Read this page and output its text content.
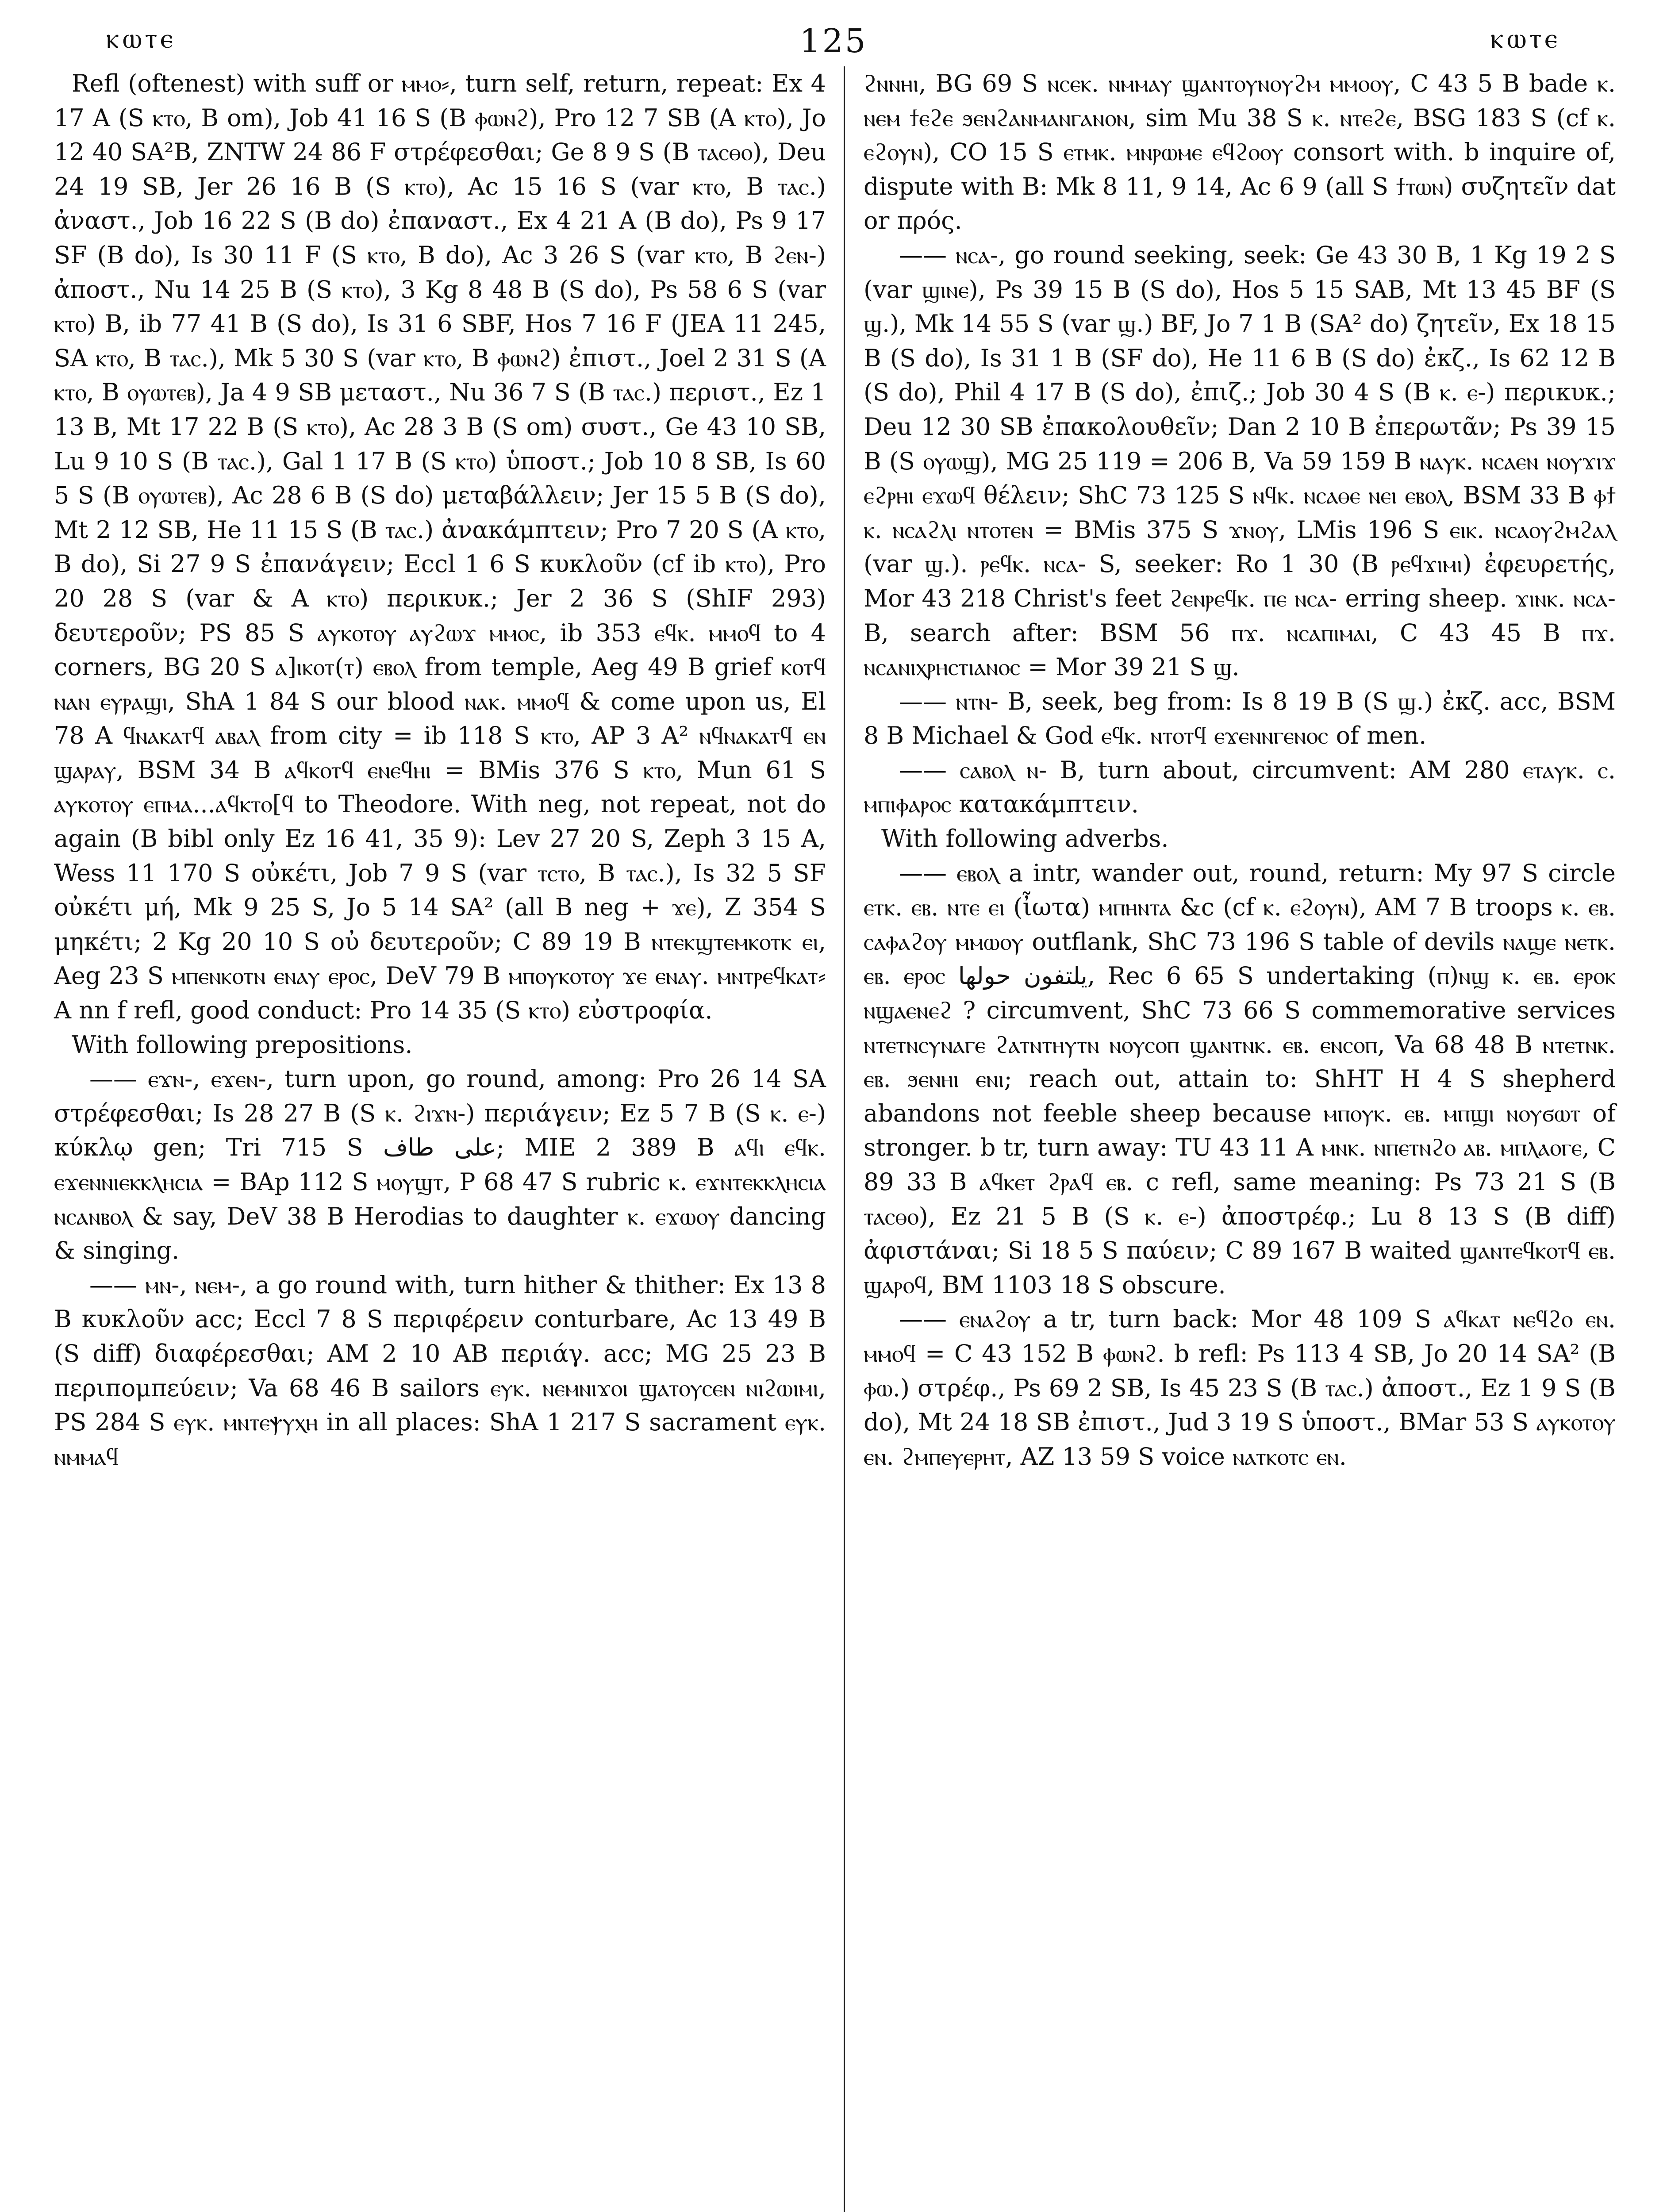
ⲕⲱⲧⲉ	125	ⲕⲱⲧⲉ

Refl (oftenest) with suff or ⲙⲙⲟ⸗, turn self, return, repeat: Ex 4 17 A (S ⲕⲧⲟ, B om), Job 41 16 S (B ⲫⲱⲛϩ), Pro 12 7 SB (A ⲕⲧⲟ), Jo 12 40 SA²B, ZNTW 24 86 F στρέφεσθαι; Ge 8 9 S (B ⲧⲁⲥⲑⲟ), Deu 24 19 SB, Jer 26 16 B (S ⲕⲧⲟ), Ac 15 16 S (var ⲕⲧⲟ, B ⲧⲁⲥ.) ἀναστ., Job 16 22 S (B do) ἐπαναστ., Ex 4 21 A (B do), Ps 9 17 SF (B do), Is 30 11 F (S ⲕⲧⲟ, B do), Ac 3 26 S (var ⲕⲧⲟ, B ϩⲉⲛ-) ἀποστ., Nu 14 25 B (S ⲕⲧⲟ), 3 Kg 8 48 B (S do), Ps 58 6 S (var ⲕⲧⲟ) B, ib 77 41 B (S do), Is 31 6 SBF, Hos 7 16 F (JEA 11 245, SA ⲕⲧⲟ, B ⲧⲁⲥ.), Mk 5 30 S (var ⲕⲧⲟ, B ⲫⲱⲛϩ) ἐπιστ., Joel 2 31 S (A ⲕⲧⲟ, B ⲟⲩⲱⲧⲉⲃ), Ja 4 9 SB μεταστ., Nu 36 7 S (B ⲧⲁⲥ.) περιστ., Ez 1 13 B, Mt 17 22 B (S ⲕⲧⲟ), Ac 28 3 B (S om) συστ., Ge 43 10 SB, Lu 9 10 S (B ⲧⲁⲥ.), Gal 1 17 B (S ⲕⲧⲟ) ὑποστ.; Job 10 8 SB, Is 60 5 S (B ⲟⲩⲱⲧⲉⲃ), Ac 28 6 B (S do) μεταβάλλειν; Jer 15 5 B (S do), Mt 2 12 SB, He 11 15 S (B ⲧⲁⲥ.) ἀνακάμπτειν; Pro 7 20 S (A ⲕⲧⲟ, B do), Si 27 9 S ἐπανάγειν; Eccl 1 6 S κυκλοῦν (cf ib ⲕⲧⲟ), Pro 20 28 S (var & A ⲕⲧⲟ) περικυκ.; Jer 2 36 S (ShIF 293) δευτεροῦν; PS 85 S ⲁⲩⲕⲟⲧⲟⲩ ⲁⲩϩⲱϫ ⲙⲙⲟⲥ, ib 353 ⲉϥⲕ. ⲙⲙⲟϥ to 4 corners, BG 20 S ⲁ]ⲓⲕⲟⲧ(ⲧ) ⲉⲃⲟⲗ from temple, Aeg 49 B grief ⲕⲟⲧϥ ⲛⲁⲛ ⲉⲩⲣⲁϣⲓ, ShA 1 84 S our blood ⲛⲁⲕ. ⲙⲙⲟϥ & come upon us, El 78 A ϥⲛⲁⲕⲁⲧϥ ⲁⲃⲁⲗ from city = ib 118 S ⲕⲧⲟ, AP 3 A² ⲛϥⲛⲁⲕⲁⲧϥ ⲉⲛ ϣⲁⲣⲁⲩ, BSM 34 B ⲁϥⲕⲟⲧϥ ⲉⲛⲉϥⲏⲓ = BMis 376 S ⲕⲧⲟ, Mun 61 S ⲁⲩⲕⲟⲧⲟⲩ ⲉⲡⲙⲁ...ⲁϥⲕⲧⲟ[ϥ to Theodore. With neg, not repeat, not do again (B bibl only Ez 16 41, 35 9): Lev 27 20 S, Zeph 3 15 A, Wess 11 170 S οὐκέτι, Job 7 9 S (var ⲧⲥⲧⲟ, B ⲧⲁⲥ.), Is 32 5 SF οὐκέτι μή, Mk 9 25 S, Jo 5 14 SA² (all B neg + ϫⲉ), Z 354 S μηκέτι; 2 Kg 20 10 S οὐ δευτεροῦν; C 89 19 B ⲛⲧⲉⲕϣⲧⲉⲙⲕⲟⲧⲕ ⲉⲓ, Aeg 23 S ⲙⲡⲉⲛⲕⲟⲧⲛ ⲉⲛⲁⲩ ⲉⲣⲟⲥ, DeV 79 B ⲙⲡⲟⲩⲕⲟⲧⲟⲩ ϫⲉ ⲉⲛⲁⲩ. ⲙⲛⲧⲣⲉϥⲕⲁⲧ⸗ A nn f refl, good conduct: Pro 14 35 (S ⲕⲧⲟ) εὐστροφία.

With following prepositions.

—— ⲉϫⲛ-, ⲉϫⲉⲛ-, turn upon, go round, among: Pro 26 14 SA στρέφεσθαι; Is 28 27 B (S ⲕ. ϩⲓϫⲛ-) περιάγειν; Ez 5 7 B (S ⲕ. ⲉ-) κύκλῳ gen; Tri 715 S على طاف; MIE 2 389 B ⲁϥⲓ ⲉϥⲕ. ⲉϫⲉⲛⲛⲓⲉⲕⲕⲗⲏⲥⲓⲁ = BAp 112 S ⲙⲟⲩϣⲧ, P 68 47 S rubric ⲕ. ⲉϫⲛⲧⲉⲕⲕⲗⲏⲥⲓⲁ ⲛⲥⲁⲛⲃⲟⲗ & say, DeV 38 B Herodias to daughter ⲕ. ⲉϫⲱⲟⲩ dancing & singing.

—— ⲙⲛ-, ⲛⲉⲙ-, a go round with, turn hither & thither: Ex 13 8 B κυκλοῦν acc; Eccl 7 8 S περιφέρειν conturbare, Ac 13 49 B (S diff) διαφέρεσθαι; AM 2 10 AB περιάγ. acc; MG 25 23 B περιπομπεύειν; Va 68 46 B sailors ⲉⲩⲕ. ⲛⲉⲙⲛⲓϫⲟⲓ ϣⲁⲧⲟⲩⲥⲉⲛ ⲛⲓϩⲱⲓⲙⲓ, PS 284 S ⲉⲩⲕ. ⲙⲛⲧⲉⲯⲩⲭⲏ in all places: ShA 1 217 S sacrament ⲉⲩⲕ. ⲛⲙⲙⲁϥ

ϩⲛⲛⲏⲓ, BG 69 S ⲛⲥⲉⲕ. ⲛⲙⲙⲁⲩ ϣⲁⲛⲧⲟⲩⲛⲟⲩϩⲙ ⲙⲙⲟⲟⲩ, C 43 5 B bade ⲕ. ⲛⲉⲙ ϯⲉϩⲉ ϧⲉⲛϩⲁⲛⲙⲁⲛⲅⲁⲛⲟⲛ, sim Mu 38 S ⲕ. ⲛⲧⲉϩⲉ, BSG 183 S (cf ⲕ. ⲉϩⲟⲩⲛ), CO 15 S ⲉⲧⲙⲕ. ⲙⲛⲣⲱⲙⲉ ⲉϥϩⲟⲟⲩ consort with. b inquire of, dispute with B: Mk 8 11, 9 14, Ac 6 9 (all S ϯⲧⲱⲛ) συζητεῖν dat or πρός.

—— ⲛⲥⲁ-, go round seeking, seek: Ge 43 30 B, 1 Kg 19 2 S (var ϣⲓⲛⲉ), Ps 39 15 B (S do), Hos 5 15 SAB, Mt 13 45 BF (S ϣ.), Mk 14 55 S (var ϣ.) BF, Jo 7 1 B (SA² do) ζητεῖν, Ex 18 15 B (S do), Is 31 1 B (SF do), He 11 6 B (S do) ἐκζ., Is 62 12 B (S do), Phil 4 17 B (S do), ἐπιζ.; Job 30 4 S (B ⲕ. ⲉ-) περικυκ.; Deu 12 30 SB ἐπακολουθεῖν; Dan 2 10 B ἐπερωτᾶν; Ps 39 15 B (S ⲟⲩⲱϣ), MG 25 119 = 206 B, Va 59 159 B ⲛⲁⲩⲕ. ⲛⲥⲁⲉⲛ ⲛⲟⲩϫⲓϫ ⲉϩⲣⲏⲓ ⲉϫⲱϥ θέλειν; ShC 73 125 S ⲛϥⲕ. ⲛⲥⲁⲑⲉ ⲛⲉⲓ ⲉⲃⲟⲗ, BSM 33 B ⲫϯ ⲕ. ⲛⲥⲁϩⲗⲓ ⲛⲧⲟⲧⲉⲛ = BMis 375 S ϫⲛⲟⲩ, LMis 196 S ⲉⲓⲕ. ⲛⲥⲁⲟⲩϩⲙϩⲁⲗ (var ϣ.). ⲣⲉϥⲕ. ⲛⲥⲁ- S, seeker: Ro 1 30 (B ⲣⲉϥϫⲓⲙⲓ) ἐφευρετής, Mor 43 218 Christ's feet ϩⲉⲛⲣⲉϥⲕ. ⲡⲉ ⲛⲥⲁ- erring sheep. ϫⲓⲛⲕ. ⲛⲥⲁ- B, search after: BSM 56 ⲡϫ. ⲛⲥⲁⲡⲓⲙⲁⲓ, C 43 45 B ⲡϫ. ⲛⲥⲁⲛⲓⲭⲣⲏⲥⲧⲓⲁⲛⲟⲥ = Mor 39 21 S ϣ.

—— ⲛⲧⲛ- B, seek, beg from: Is 8 19 B (S ϣ.) ἐκζ. acc, BSM 8 B Michael & God ⲉϥⲕ. ⲛⲧⲟⲧϥ ⲉϫⲉⲛⲛⲅⲉⲛⲟⲥ of men.

—— ⲥⲁⲃⲟⲗ ⲛ- B, turn about, circumvent: AM 280 ⲉⲧⲁⲩⲕ. ⲥ. ⲙⲡⲓⲫⲁⲣⲟⲥ κατακάμπτειν.

With following adverbs.

—— ⲉⲃⲟⲗ a intr, wander out, round, return: My 97 S circle ⲉⲧⲕ. ⲉⲃ. ⲛⲧⲉ ⲉⲓ (ἶωτα) ⲙⲡⲏⲛⲧⲁ &c (cf ⲕ. ⲉϩⲟⲩⲛ), AM 7 B troops ⲕ. ⲉⲃ. ⲥⲁⲫⲁϩⲟⲩ ⲙⲙⲱⲟⲩ outflank, ShC 73 196 S table of devils ⲛⲁϣⲉ ⲛⲉⲧⲕ. ⲉⲃ. ⲉⲣⲟⲥ يلتفون حولها, Rec 6 65 S undertaking (ⲡ)ⲛϣ ⲕ. ⲉⲃ. ⲉⲣⲟⲕ ⲛϣⲁⲉⲛⲉϩ ? circumvent, ShC 73 66 S commemorative services ⲛⲧⲉⲧⲛⲥⲩⲛⲁⲅⲉ ϩⲁⲧⲛⲧⲏⲩⲧⲛ ⲛⲟⲩⲥⲟⲡ ϣⲁⲛⲧⲛⲕ. ⲉⲃ. ⲉⲛⲥⲟⲡ, Va 68 48 B ⲛⲧⲉⲧⲛⲕ. ⲉⲃ. ϧⲉⲛⲏⲓ ⲉⲛⲓ; reach out, attain to: ShHT H 4 S shepherd abandons not feeble sheep because ⲙⲡⲟⲩⲕ. ⲉⲃ. ⲙⲡϣⲓ ⲛⲟⲩϭⲱⲧ of stronger. b tr, turn away: TU 43 11 A ⲙⲛⲕ. ⲛⲡⲉⲧⲛϩⲟ ⲁⲃ. ⲙⲡⲗⲁⲟⲅⲉ, C 89 33 B ⲁϥⲕⲉⲧ ϩⲣⲁϥ ⲉⲃ. c refl, same meaning: Ps 73 21 S (B ⲧⲁⲥⲑⲟ), Ez 21 5 B (S ⲕ. ⲉ-) ἀποστρέφ.; Lu 8 13 S (B diff) ἀφιστάναι; Si 18 5 S παύειν; C 89 167 B waited ϣⲁⲛⲧⲉϥⲕⲟⲧϥ ⲉⲃ. ϣⲁⲣⲟϥ, BM 1103 18 S obscure.

—— ⲉⲛⲁϩⲟⲩ a tr, turn back: Mor 48 109 S ⲁϥⲕⲁⲧ ⲛⲉϥϩⲟ ⲉⲛ. ⲙⲙⲟϥ = C 43 152 B ⲫⲱⲛϩ. b refl: Ps 113 4 SB, Jo 20 14 SA² (B ⲫⲱ.) στρέφ., Ps 69 2 SB, Is 45 23 S (B ⲧⲁⲥ.) ἀποστ., Ez 1 9 S (B do), Mt 24 18 SB ἐπιστ., Jud 3 19 S ὑποστ., BMar 53 S ⲁⲩⲕⲟⲧⲟⲩ ⲉⲛ. ϩⲙⲡⲉⲩⲉⲣⲏⲧ, AZ 13 59 S voice ⲛⲁⲧⲕⲟⲧⲥ ⲉⲛ.
